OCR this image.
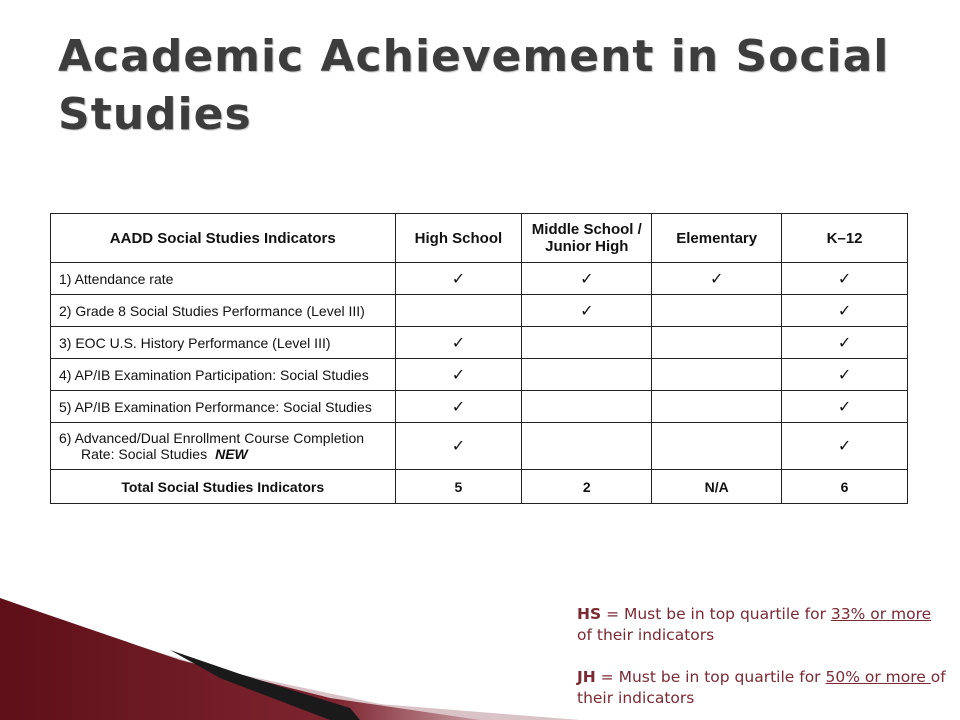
Academic Achievement in Social Studies
AADD Social Studies Indicators	High School	Middle School / Junior High	Elementary	K–12
1) Attendance rate	✓	✓	✓	✓
2) Grade 8 Social Studies Performance (Level III)		✓		✓
3) EOC U.S. History Performance (Level III)	✓			✓
4) AP/IB Examination Participation: Social Studies	✓			✓
5) AP/IB Examination Performance: Social Studies	✓			✓
6) Advanced/Dual Enrollment Course Completion
Rate: Social Studies NEW	✓			✓
Total Social Studies Indicators	5	2	N/A	6

HS = Must be in top quartile for 33% or more of their indicators

JH = Must be in top quartile for 50% or more of their indicators
